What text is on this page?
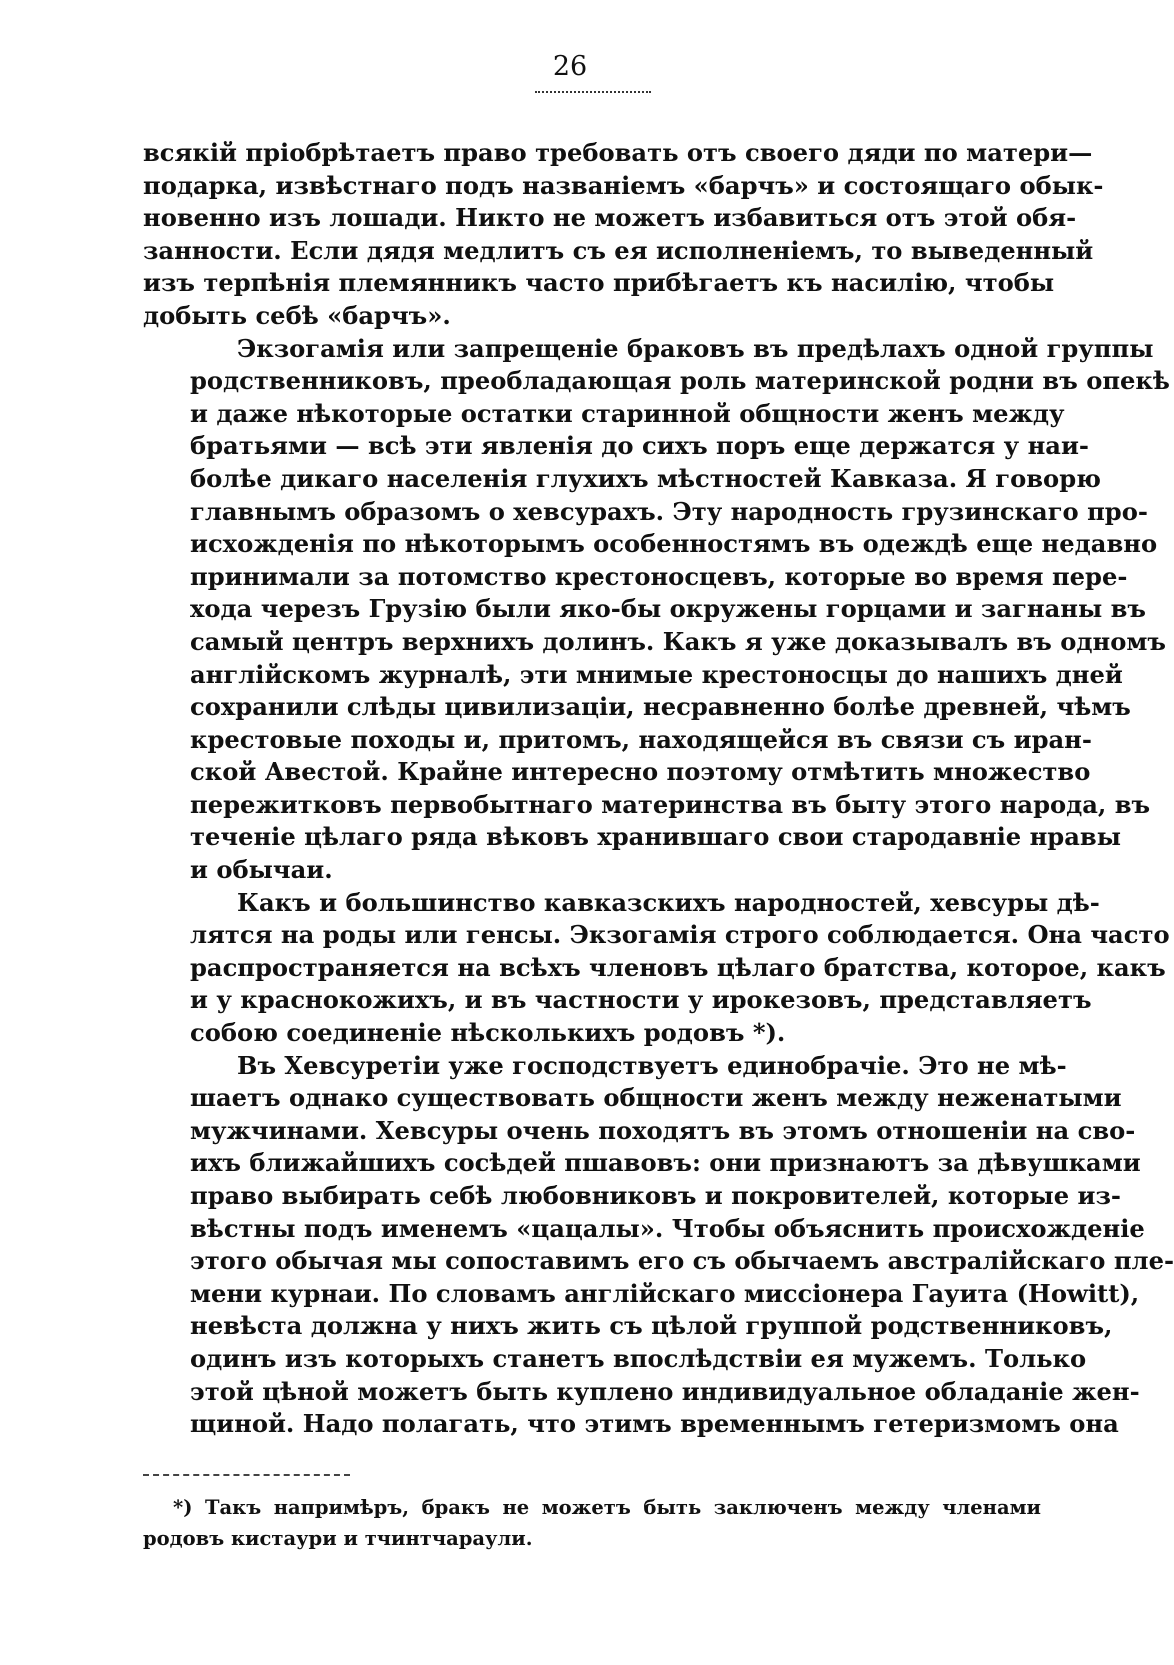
26
всякій пріобрѣтаетъ право требовать отъ своего дяди по матери—
подарка, извѣстнаго подъ названіемъ «барчъ» и состоящаго обык-
новенно изъ лошади. Никто не можетъ избавиться отъ этой обя-
занности. Если дядя медлитъ съ ея исполненіемъ, то выведенный
изъ терпѣнія племянникъ часто прибѣгаетъ къ насилію, чтобы
добыть себѣ «барчъ».
Экзогамія или запрещеніе браковъ въ предѣлахъ одной группы
родственниковъ, преобладающая роль материнской родни въ опекѣ
и даже нѣкоторые остатки старинной общности женъ между
братьями — всѣ эти явленія до сихъ поръ еще держатся у наи-
болѣе дикаго населенія глухихъ мѣстностей Кавказа. Я говорю
главнымъ образомъ о хевсурахъ. Эту народность грузинскаго про-
исхожденія по нѣкоторымъ особенностямъ въ одеждѣ еще недавно
принимали за потомство крестоносцевъ, которые во время пере-
хода черезъ Грузію были яко-бы окружены горцами и загнаны въ
самый центръ верхнихъ долинъ. Какъ я уже доказывалъ въ одномъ
англійскомъ журналѣ, эти мнимые крестоносцы до нашихъ дней
сохранили слѣды цивилизаціи, несравненно болѣе древней, чѣмъ
крестовые походы и, притомъ, находящейся въ связи съ иран-
ской Авестой. Крайне интересно поэтому отмѣтить множество
пережитковъ первобытнаго материнства въ быту этого народа, въ
теченіе цѣлаго ряда вѣковъ хранившаго свои стародавніе нравы
и обычаи.
Какъ и большинство кавказскихъ народностей, хевсуры дѣ-
лятся на роды или генсы. Экзогамія строго соблюдается. Она часто
распространяется на всѣхъ членовъ цѣлаго братства, которое, какъ
и у краснокожихъ, и въ частности у ирокезовъ, представляетъ
собою соединеніе нѣсколькихъ родовъ *).
Въ Хевсуретіи уже господствуетъ единобрачіе. Это не мѣ-
шаетъ однако существовать общности женъ между неженатыми
мужчинами. Хевсуры очень походятъ въ этомъ отношеніи на сво-
ихъ ближайшихъ сосѣдей пшавовъ: они признаютъ за дѣвушками
право выбирать себѣ любовниковъ и покровителей, которые из-
вѣстны подъ именемъ «цацалы». Чтобы объяснить происхожденіе
этого обычая мы сопоставимъ его съ обычаемъ австралійскаго пле-
мени курнаи. По словамъ англійскаго миссіонера Гауита (Howitt),
невѣста должна у нихъ жить съ цѣлой группой родственниковъ,
одинъ изъ которыхъ станетъ впослѣдствіи ея мужемъ. Только
этой цѣной можетъ быть куплено индивидуальное обладаніе жен-
щиной. Надо полагать, что этимъ временнымъ гетеризмомъ она
*) Такъ напримѣръ, бракъ не можетъ быть заключенъ между членами
родовъ кистаури и тчинтчараули.
